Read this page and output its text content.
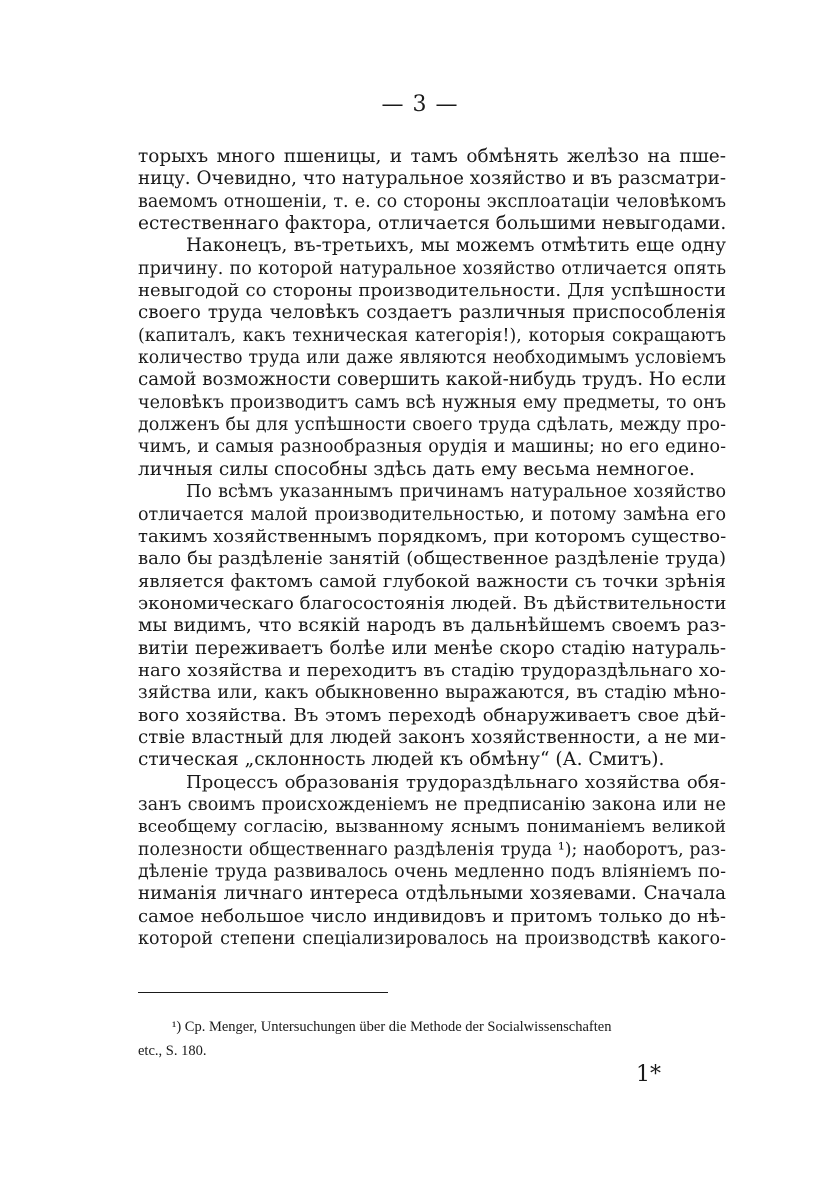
— 3 —
торыхъ много пшеницы, и тамъ обмѣнять желѣзо на пше-
ницу. Очевидно, что натуральное хозяйство и въ разсматри-
ваемомъ отношеніи, т. е. со стороны эксплоатаціи человѣкомъ
естественнаго фактора, отличается большими невыгодами.
Наконецъ, въ-третьихъ, мы можемъ отмѣтить еще одну
причину. по которой натуральное хозяйство отличается опять
невыгодой со стороны производительности. Для успѣшности
своего труда человѣкъ создаетъ различныя приспособленія
(капиталъ, какъ техническая категорія!), которыя сокращаютъ
количество труда или даже являются необходимымъ условіемъ
самой возможности совершить какой-нибудь трудъ. Но если
человѣкъ производитъ самъ всѣ нужныя ему предметы, то онъ
долженъ бы для успѣшности своего труда сдѣлать, между про-
чимъ, и самыя разнообразныя орудія и машины; но его едино-
личныя силы способны здѣсь дать ему весьма немногое.
По всѣмъ указаннымъ причинамъ натуральное хозяйство
отличается малой производительностью, и потому замѣна его
такимъ хозяйственнымъ порядкомъ, при которомъ существо-
вало бы раздѣленіе занятій (общественное раздѣленіе труда)
является фактомъ самой глубокой важности съ точки зрѣнія
экономическаго благосостоянія людей. Въ дѣйствительности
мы видимъ, что всякій народъ въ дальнѣйшемъ своемъ раз-
витіи переживаетъ болѣе или менѣе скоро стадію натураль-
наго хозяйства и переходитъ въ стадію трудораздѣльнаго хо-
зяйства или, какъ обыкновенно выражаются, въ стадію мѣно-
вого хозяйства. Въ этомъ переходѣ обнаруживаетъ свое дѣй-
ствіе властный для людей законъ хозяйственности, а не ми-
стическая „склонность людей къ обмѣну“ (А. Смитъ).
Процессъ образованія трудораздѣльнаго хозяйства обя-
занъ своимъ происхожденіемъ не предписанію закона или не
всеобщему согласію, вызванному яснымъ пониманіемъ великой
полезности общественнаго раздѣленія труда ¹); наоборотъ, раз-
дѣленіе труда развивалось очень медленно подъ вліяніемъ по-
ниманія личнаго интереса отдѣльными хозяевами. Сначала
самое небольшое число индивидовъ и притомъ только до нѣ-
которой степени спеціализировалось на производствѣ какого-
¹) Cp. Menger, Untersuchungen über die Methode der Socialwissenschaften
etc., S. 180.
1*
